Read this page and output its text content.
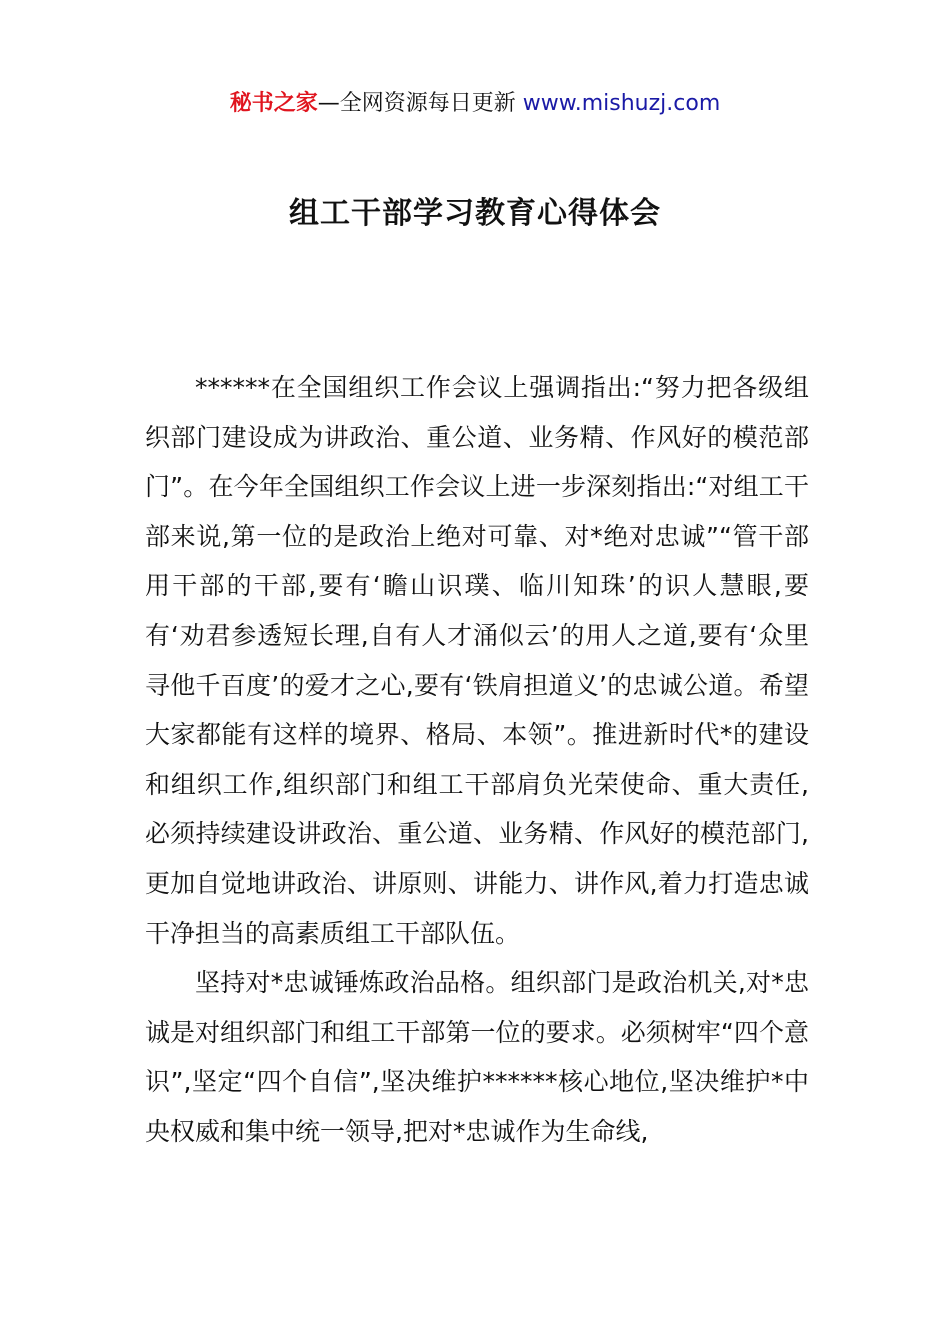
秘书之家—全网资源每日更新 www.mishuzj.com
组工干部学习教育心得体会

******在全国组织工作会议上强调指出:“努力把各级组织部门建设成为讲政治、重公道、业务精、作风好的模范部门”。在今年全国组织工作会议上进一步深刻指出:“对组工干部来说,第一位的是政治上绝对可靠、对*绝对忠诚”“管干部用干部的干部,要有‘瞻山识璞、临川知珠’的识人慧眼,要有‘劝君参透短长理,自有人才涌似云’的用人之道,要有‘众里寻他千百度’的爱才之心,要有‘铁肩担道义’的忠诚公道。希望大家都能有这样的境界、格局、本领”。推进新时代*的建设和组织工作,组织部门和组工干部肩负光荣使命、重大责任,必须持续建设讲政治、重公道、业务精、作风好的模范部门,更加自觉地讲政治、讲原则、讲能力、讲作风,着力打造忠诚干净担当的高素质组工干部队伍。

坚持对*忠诚锤炼政治品格。组织部门是政治机关,对*忠诚是对组织部门和组工干部第一位的要求。必须树牢“四个意识”,坚定“四个自信”,坚决维护******核心地位,坚决维护*中央权威和集中统一领导,把对*忠诚作为生命线,
